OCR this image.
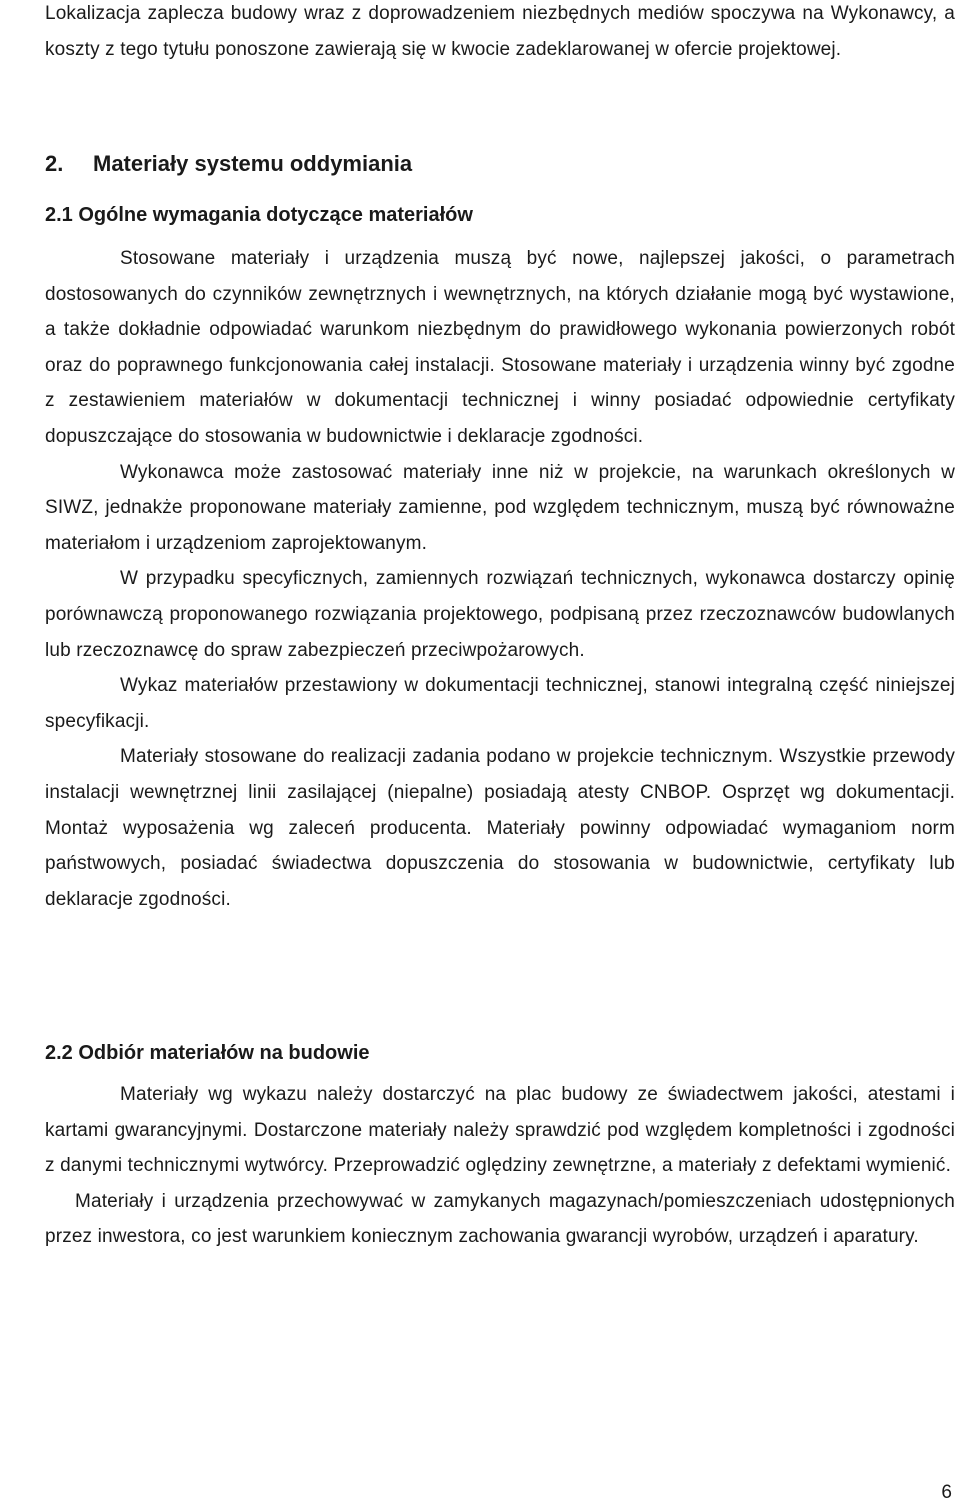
Lokalizacja zaplecza budowy wraz z doprowadzeniem niezbędnych mediów spoczywa na Wykonawcy, a koszty z tego tytułu ponoszone zawierają się w kwocie zadeklarowanej w ofercie projektowej.

2. Materiały systemu oddymiania
2.1 Ogólne wymagania dotyczące materiałów

Stosowane materiały i urządzenia muszą być nowe, najlepszej jakości, o parametrach dostosowanych do czynników zewnętrznych i wewnętrznych, na których działanie mogą być wystawione, a także dokładnie odpowiadać warunkom niezbędnym do prawidłowego wykonania powierzonych robót oraz do poprawnego funkcjonowania całej instalacji. Stosowane materiały i urządzenia winny być zgodne z zestawieniem materiałów w dokumentacji technicznej i winny posiadać odpowiednie certyfikaty dopuszczające do stosowania w budownictwie i deklaracje zgodności.

Wykonawca może zastosować materiały inne niż w projekcie, na warunkach określonych w SIWZ, jednakże proponowane materiały zamienne, pod względem technicznym, muszą być równoważne materiałom i urządzeniom zaprojektowanym.

W przypadku specyficznych, zamiennych rozwiązań technicznych, wykonawca dostarczy opinię porównawczą proponowanego rozwiązania projektowego, podpisaną przez rzeczoznawców budowlanych lub rzeczoznawcę do spraw zabezpieczeń przeciwpożarowych.

Wykaz materiałów przestawiony w dokumentacji technicznej, stanowi integralną część niniejszej specyfikacji.

Materiały stosowane do realizacji zadania podano w projekcie technicznym. Wszystkie przewody instalacji wewnętrznej linii zasilającej (niepalne) posiadają atesty CNBOP. Osprzęt wg dokumentacji. Montaż wyposażenia wg zaleceń producenta. Materiały powinny odpowiadać wymaganiom norm państwowych, posiadać świadectwa dopuszczenia do stosowania w budownictwie, certyfikaty lub deklaracje zgodności.

2.2 Odbiór materiałów na budowie

Materiały wg wykazu należy dostarczyć na plac budowy ze świadectwem jakości, atestami i kartami gwarancyjnymi. Dostarczone materiały należy sprawdzić pod względem kompletności i zgodności z danymi technicznymi wytwórcy. Przeprowadzić oględziny zewnętrzne, a materiały z defektami wymienić.

Materiały i urządzenia przechowywać w zamykanych magazynach/pomieszczeniach udostępnionych przez inwestora, co jest warunkiem koniecznym zachowania gwarancji wyrobów, urządzeń i aparatury.

6
